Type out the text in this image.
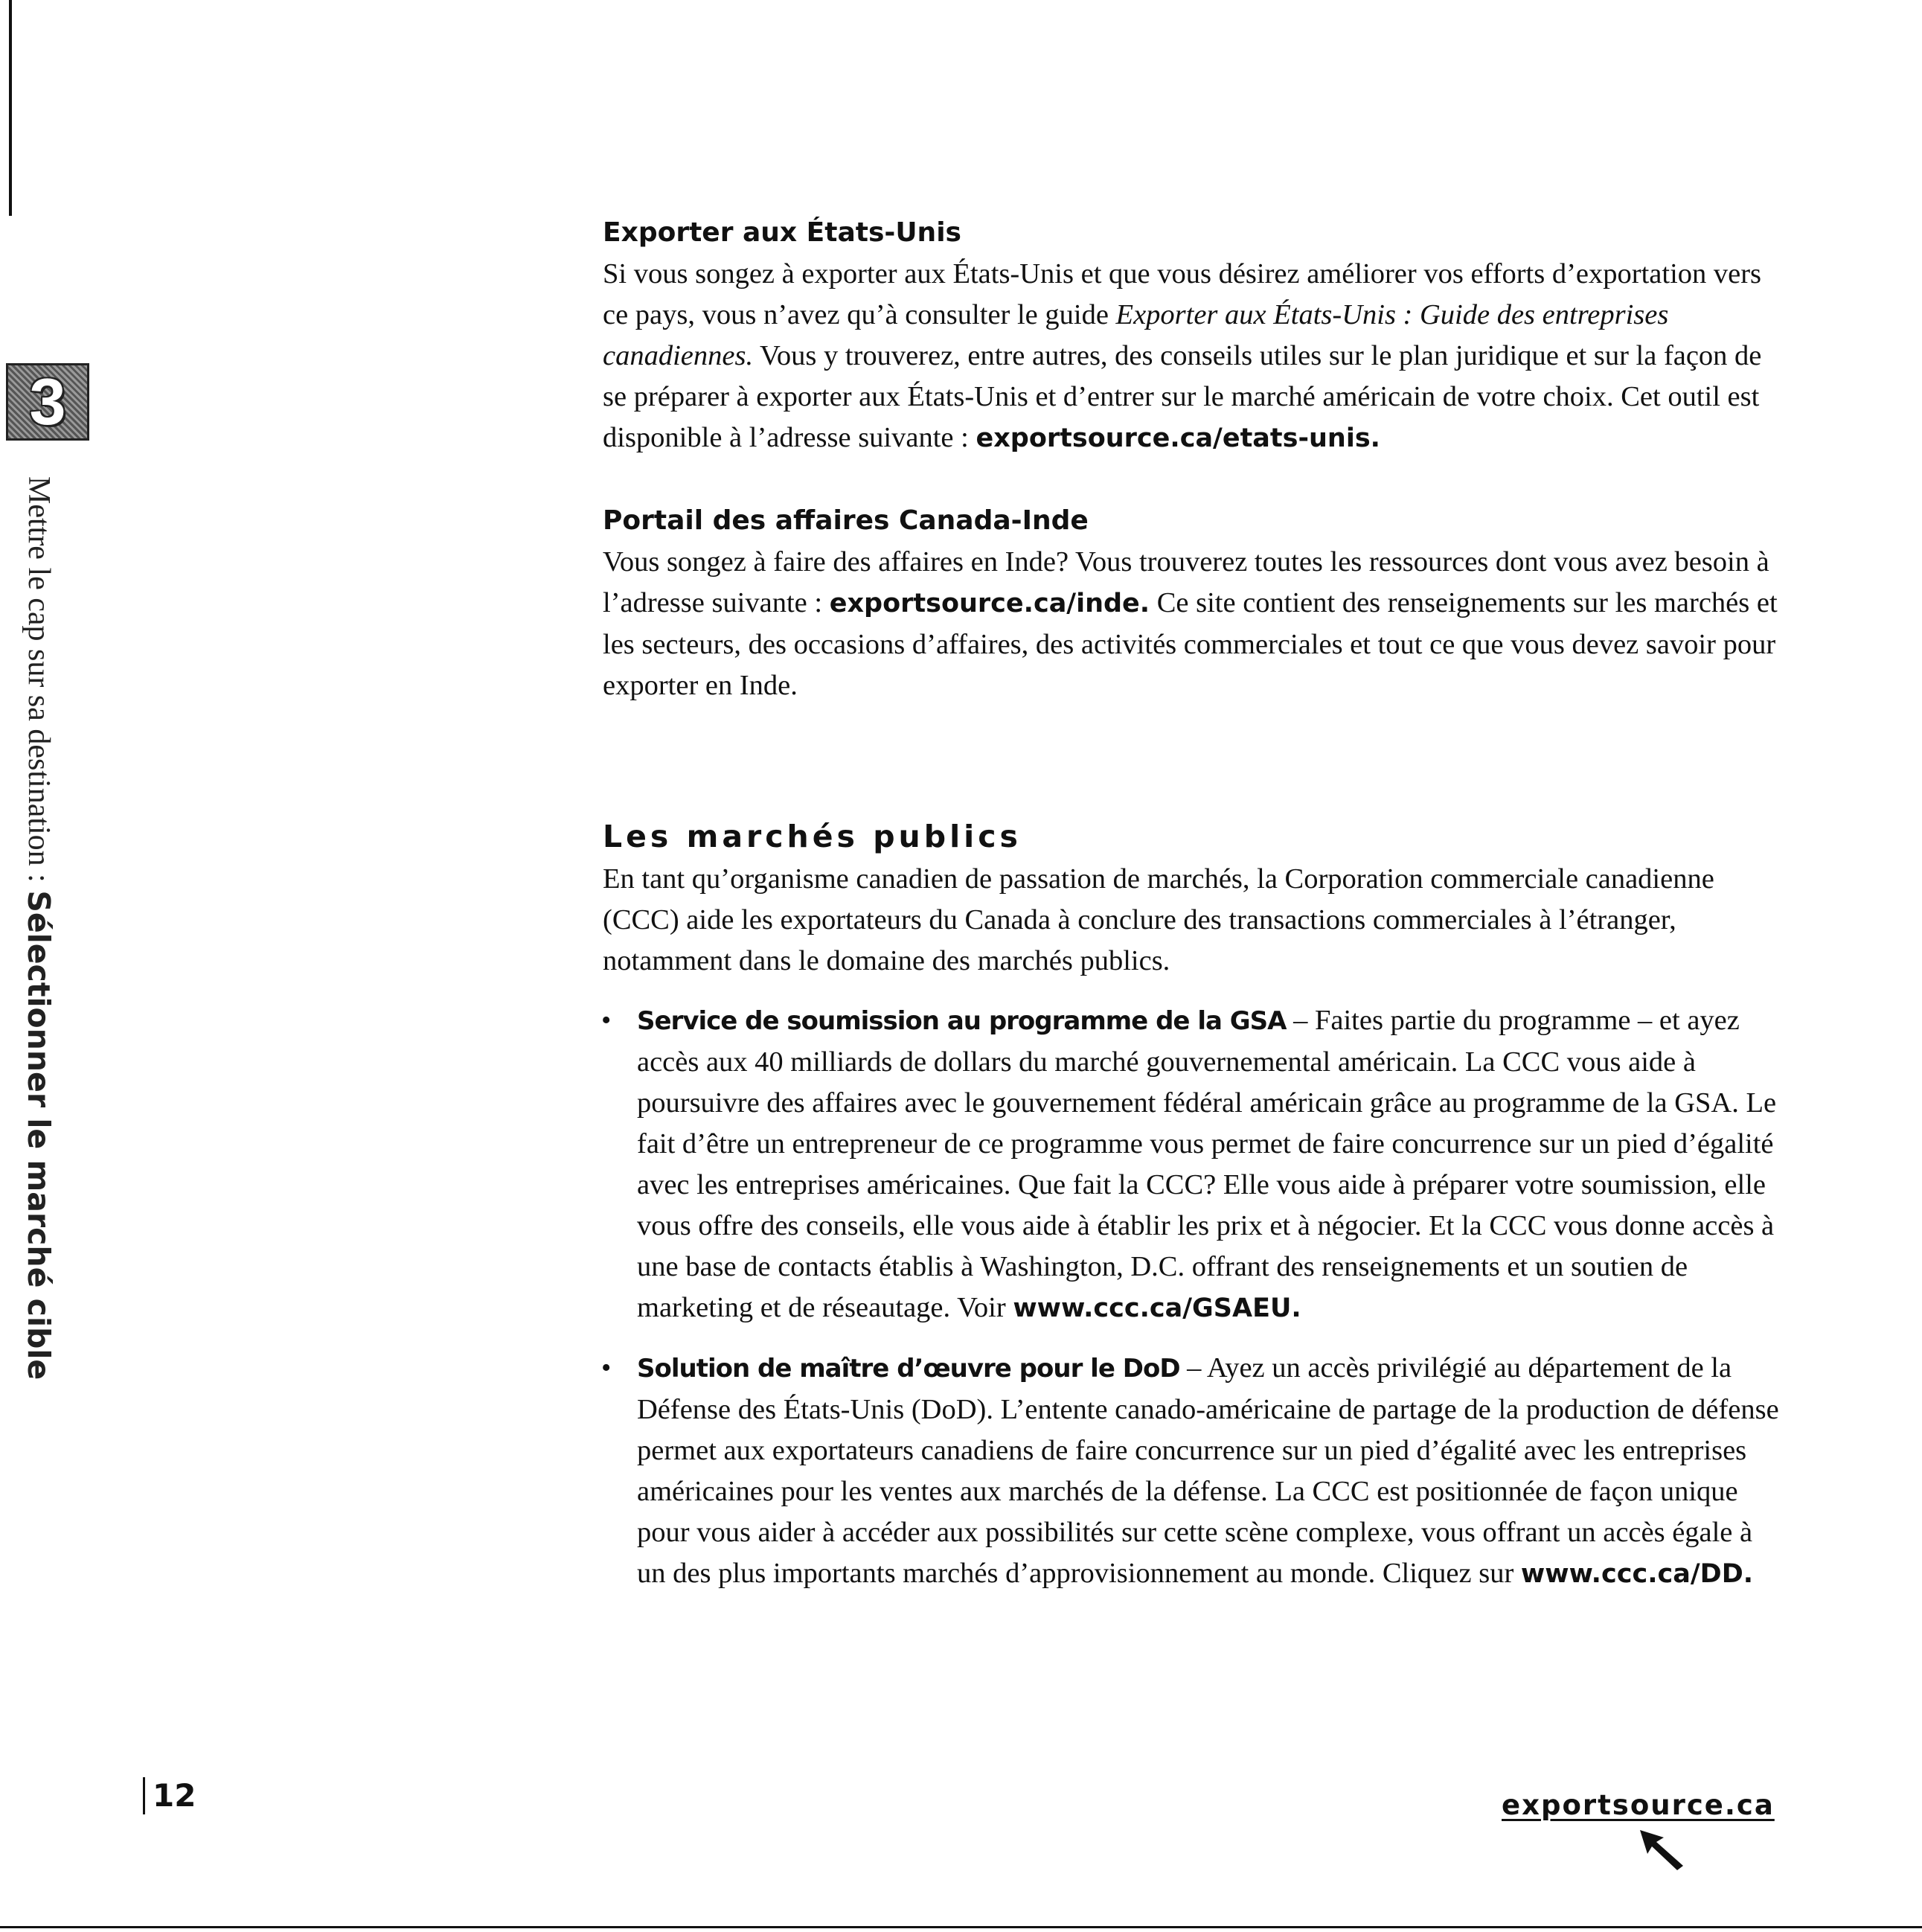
3
Mettre le cap sur sa destination : Sélectionner le marché cible
Exporter aux États-Unis

Si vous songez à exporter aux États-Unis et que vous désirez améliorer vos efforts d’exportation vers ce pays, vous n’avez qu’à consulter le guide Exporter aux États-Unis : Guide des entreprises canadiennes. Vous y trouverez, entre autres, des conseils utiles sur le plan juridique et sur la façon de se préparer à exporter aux États-Unis et d’entrer sur le marché américain de votre choix. Cet outil est disponible à l’adresse suivante : exportsource.ca/etats-unis.

Portail des affaires Canada-Inde

Vous songez à faire des affaires en Inde? Vous trouverez toutes les ressources dont vous avez besoin à l’adresse suivante : exportsource.ca/inde. Ce site contient des renseignements sur les marchés et les secteurs, des occasions d’affaires, des activités commerciales et tout ce que vous devez savoir pour exporter en Inde.

Les marchés publics

En tant qu’organisme canadien de passation de marchés, la Corporation commerciale canadienne (CCC) aide les exportateurs du Canada à conclure des transactions commerciales à l’étranger, notamment dans le domaine des marchés publics.

• Service de soumission au programme de la GSA – Faites partie du programme – et ayez accès aux 40 milliards de dollars du marché gouvernemental américain. La CCC vous aide à poursuivre des affaires avec le gouvernement fédéral américain grâce au programme de la GSA. Le fait d’être un entrepreneur de ce programme vous permet de faire concurrence sur un pied d’égalité avec les entreprises américaines. Que fait la CCC? Elle vous aide à préparer votre soumission, elle vous offre des conseils, elle vous aide à établir les prix et à négocier. Et la CCC vous donne accès à une base de contacts établis à Washington, D.C. offrant des renseignements et un soutien de marketing et de réseautage. Voir www.ccc.ca/GSAEU.
• Solution de maître d’œuvre pour le DoD – Ayez un accès privilégié au département de la Défense des États-Unis (DoD). L’entente canado-américaine de partage de la production de défense permet aux exportateurs canadiens de faire concurrence sur un pied d’égalité avec les entreprises américaines pour les ventes aux marchés de la défense. La CCC est positionnée de façon unique pour vous aider à accéder aux possibilités sur cette scène complexe, vous offrant un accès égale à un des plus importants marchés d’approvisionnement au monde. Cliquez sur www.ccc.ca/DD.
12	exportsource.ca
